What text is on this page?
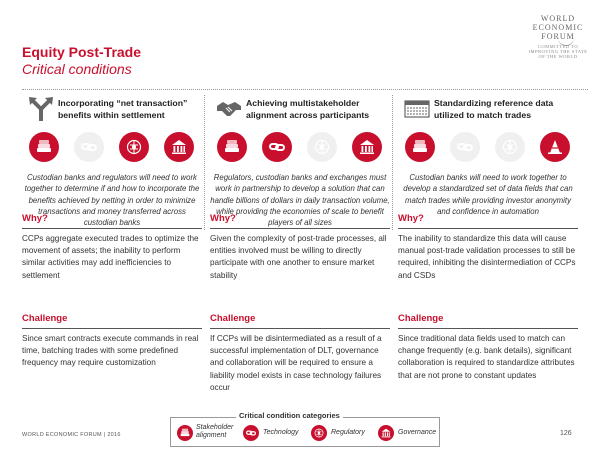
Equity Post-Trade
Critical conditions
WORLD
ECONOMIC
FORUM
COMMITTED TO
IMPROVING THE STATE
OF THE WORLD
Incorporating “net transaction”
benefits within settlement
Custodian banks and regulators will need to work together to determine if and how to incorporate the benefits achieved by netting in order to minimize transactions and money transferred across custodian banks
Why?
CCPs aggregate executed trades to optimize the movement of assets; the inability to perform similar activities may add inefficiencies to settlement
Challenge
Since smart contracts execute commands in real time, batching trades with some predefined frequency may require customization
Achieving multistakeholder
alignment across participants
Regulators, custodian banks and exchanges must work in partnership to develop a solution that can handle billions of dollars in daily transaction volume, while providing the economies of scale to benefit players of all sizes
Why?
Given the complexity of post-trade processes, all entities involved must be willing to directly participate with one another to ensure market stability
Challenge
If CCPs will be disintermediated as a result of a successful implementation of DLT, governance and collaboration will be required to ensure a liability model exists in case technology failures occur
Standardizing reference data
utilized to match trades
Custodian banks will need to work together to develop a standardized set of data fields that can match trades while providing investor anonymity and confidence in automation
Why?
The inability to standardize this data will cause manual post-trade validation processes to still be required, inhibiting the disintermediation of CCPs and CSDs
Challenge
Since traditional data fields used to match can change frequently (e.g. bank details), significant collaboration is required to standardize attributes that are not prone to constant updates
Stakeholder
alignment	Technology	Regulatory	Governance
Critical condition categories
WORLD ECONOMIC FORUM | 2016	126
